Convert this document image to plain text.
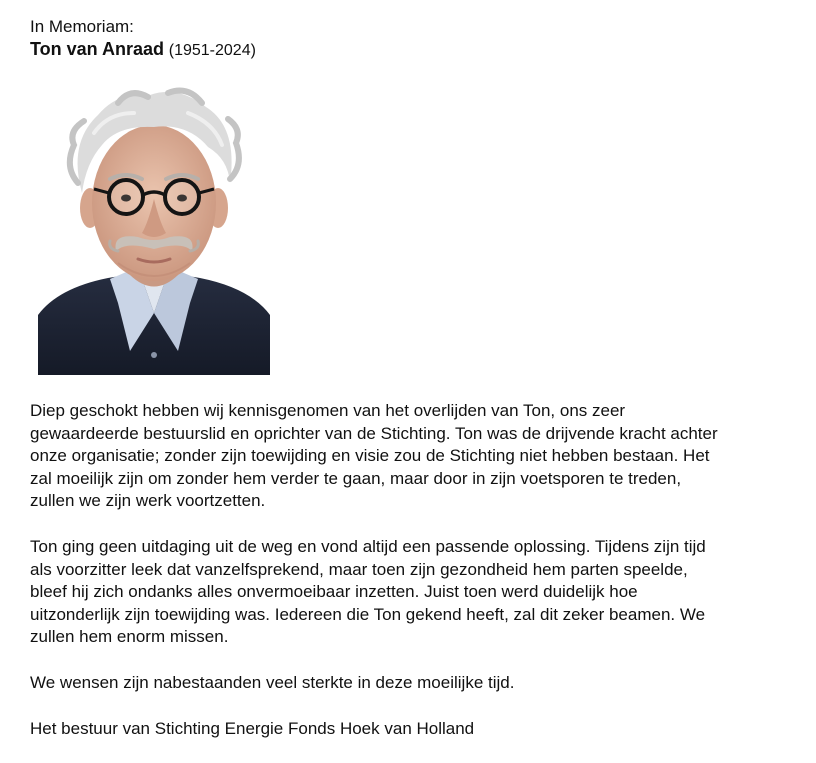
In Memoriam:

Ton van Anraad (1951-2024)

Diep geschokt hebben wij kennisgenomen van het overlijden van Ton, ons zeer
gewaardeerde bestuurslid en oprichter van de Stichting. Ton was de drijvende kracht achter
onze organisatie; zonder zijn toewijding en visie zou de Stichting niet hebben bestaan. Het
zal moeilijk zijn om zonder hem verder te gaan, maar door in zijn voetsporen te treden,
zullen we zijn werk voortzetten.

Ton ging geen uitdaging uit de weg en vond altijd een passende oplossing. Tijdens zijn tijd
als voorzitter leek dat vanzelfsprekend, maar toen zijn gezondheid hem parten speelde,
bleef hij zich ondanks alles onvermoeibaar inzetten. Juist toen werd duidelijk hoe
uitzonderlijk zijn toewijding was. Iedereen die Ton gekend heeft, zal dit zeker beamen. We
zullen hem enorm missen.

We wensen zijn nabestaanden veel sterkte in deze moeilijke tijd.

Het bestuur van Stichting Energie Fonds Hoek van Holland
